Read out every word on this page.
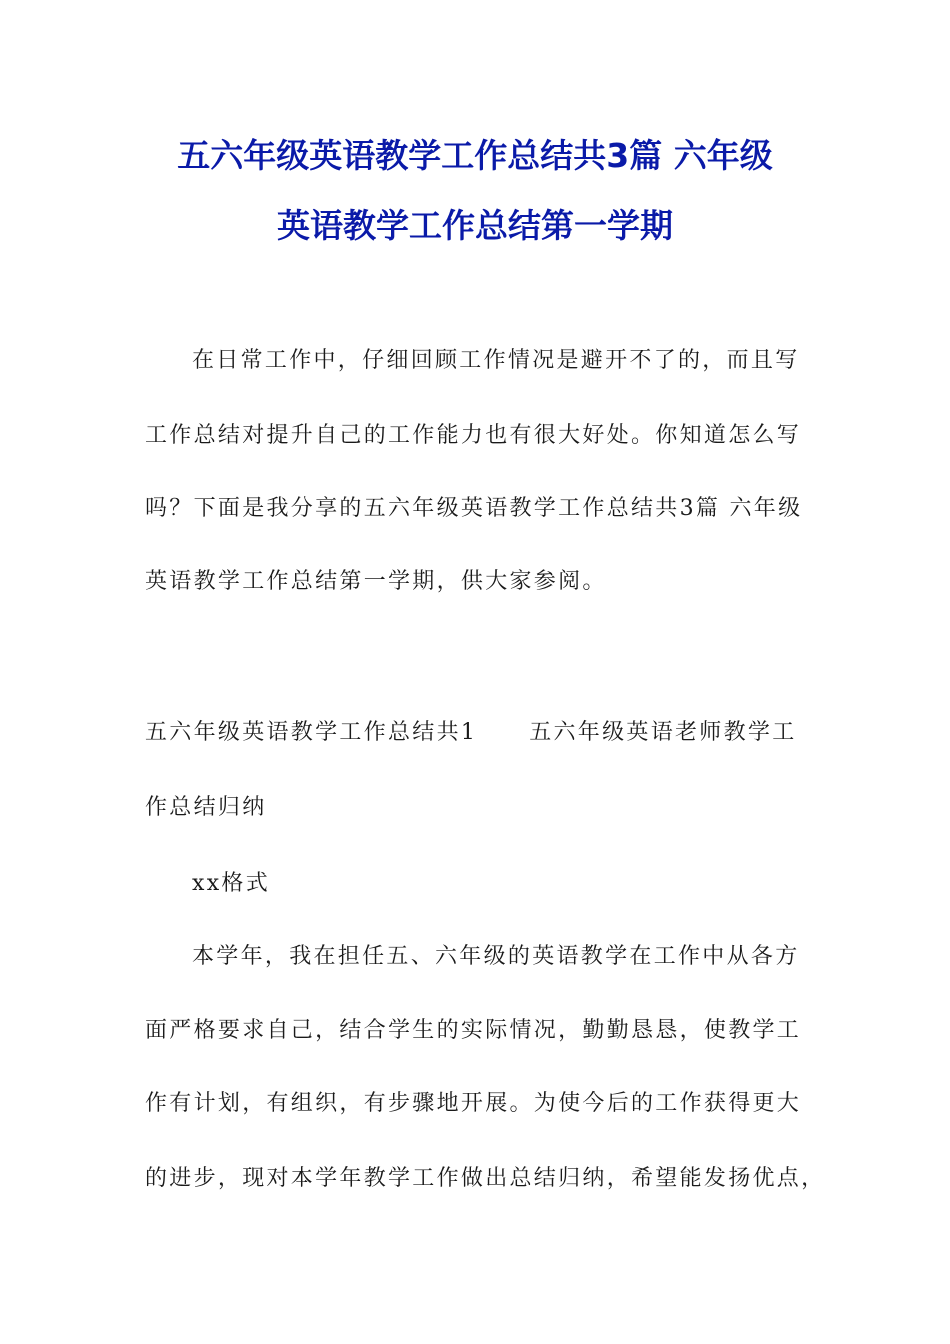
五六年级英语教学工作总结共3篇 六年级
英语教学工作总结第一学期
在日常工作中，仔细回顾工作情况是避开不了的，而且写
工作总结对提升自己的工作能力也有很大好处。你知道怎么写
吗？下面是我分享的五六年级英语教学工作总结共3篇 六年级
英语教学工作总结第一学期，供大家参阅。
五六年级英语教学工作总结共1 五六年级英语老师教学工
作总结归纳
xx格式
本学年，我在担任五、六年级的英语教学在工作中从各方
面严格要求自己，结合学生的实际情况，勤勤恳恳，使教学工
作有计划，有组织，有步骤地开展。为使今后的工作获得更大
的进步，现对本学年教学工作做出总结归纳，希望能发扬优点，
